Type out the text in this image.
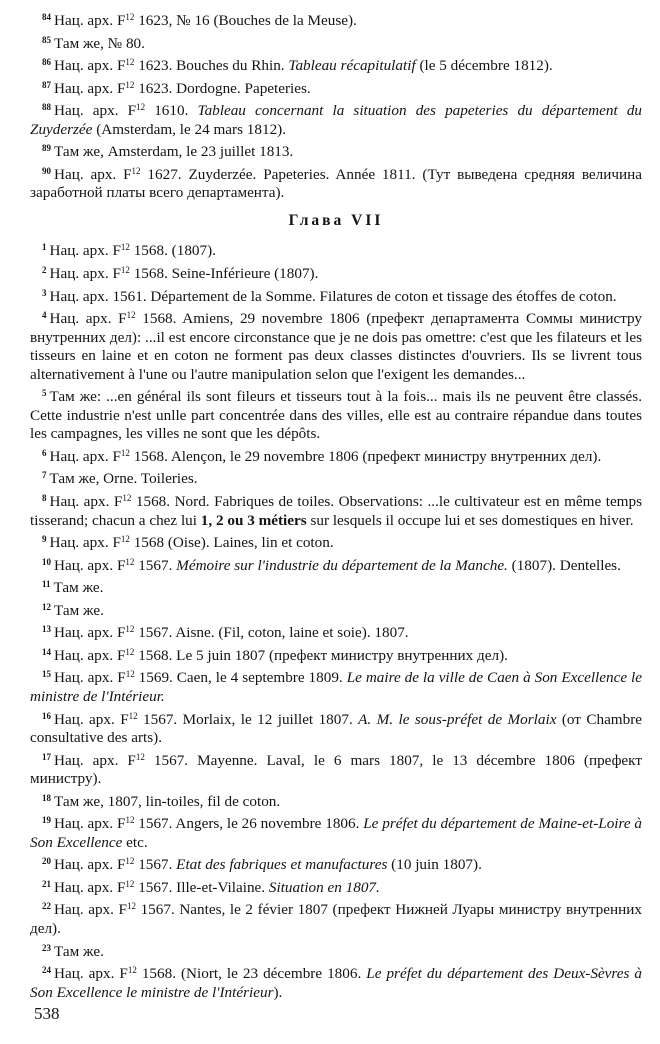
$^{84}$ Нац. арх. $F^{12}$ 1623, № 16 (Bouches de la Meuse).

$^{85}$ Там же, № 80.

$^{86}$ Нац. арх. $F^{12}$ 1623. Bouches du Rhin. Tableau récapitulatif (le 5 décembre 1812).

$^{87}$ Нац. арх. $F^{12}$ 1623. Dordogne. Papeteries.

$^{88}$ Нац. арх. $F^{12}$ 1610. Tableau concernant la situation des papeteries du département du Zuyderzée (Amsterdam, le 24 mars 1812).

$^{89}$ Там же, Amsterdam, le 23 juillet 1813.

$^{90}$ Нац. арх. $F^{12}$ 1627. Zuyderzée. Papeteries. Année 1811. (Тут выведена средняя величина заработной платы всего департамента).

Глава VII

$^1$ Нац. арх. $F^{12}$ 1568. (1807).

$^2$ Нац. арх. $F^{12}$ 1568. Seine-Inférieure (1807).

$^3$ Нац. арх. 1561. Département de la Somme. Filatures de coton et tissage des étoffes de coton.

$^4$ Нац. арх. $F^{12}$ 1568. Amiens, 29 novembre 1806 (префект департамента Соммы министру внутренних дел): ...il est encore circonstance que je ne dois pas omettre: c'est que les filateurs et les tisseurs en laine et en coton ne forment pas deux classes distinctes d'ouvriers. Ils se livrent tous alternativement à l'une ou l'autre manipulation selon que l'exigent les demandes...

$^5$ Там же: ...en général ils sont fileurs et tisseurs tout à la fois... mais ils ne peuvent être classés. Cette industrie n'est unlle part concentrée dans des villes, elle est au contraire répandue dans toutes les campagnes, les villes ne sont que les dépôts.

$^6$ Нац. арх. $F^{12}$ 1568. Alençon, le 29 novembre 1806 (префект министру внутренних дел).

$^7$ Там же, Orne. Toileries.

$^8$ Нац. арх. $F^{12}$ 1568. Nord. Fabriques de toiles. Observations: ...le cultivateur est en même temps tisserand; chacun a chez lui 1, 2 ou 3 métiers sur lesquels il occupe lui et ses domestiques en hiver.

$^9$ Нац. арх. $F^{12}$ 1568 (Oise). Laines, lin et coton.

$^{10}$ Нац. арх. $F^{12}$ 1567. Mémoire sur l'industrie du département de la Manche. (1807). Dentelles.

$^{11}$ Там же.

$^{12}$ Там же.

$^{13}$ Нац. арх. $F^{12}$ 1567. Aisne. (Fil, coton, laine et soie). 1807.

$^{14}$ Нац. арх. $F^{12}$ 1568. Le 5 juin 1807 (префект министру внутренних дел).

$^{15}$ Нац. арх. $F^{12}$ 1569. Caen, le 4 septembre 1809. Le maire de la ville de Caen à Son Excellence le ministre de l'Intérieur.

$^{16}$ Нац. арх. $F^{12}$ 1567. Morlaix, le 12 juillet 1807. A. M. le sous-préfet de Morlaix (от Chambre consultative des arts).

$^{17}$ Нац. арх. $F^{12}$ 1567. Mayenne. Laval, le 6 mars 1807, le 13 décembre 1806 (префект министру).

$^{18}$ Там же, 1807, lin-toiles, fil de coton.

$^{19}$ Нац. арх. $F^{12}$ 1567. Angers, le 26 novembre 1806. Le préfet du département de Maine-et-Loire à Son Excellence etc.

$^{20}$ Нац. арх. $F^{12}$ 1567. Etat des fabriques et manufactures (10 juin 1807).

$^{21}$ Нац. арх. $F^{12}$ 1567. Ille-et-Vilaine. Situation en 1807.

$^{22}$ Нац. арх. $F^{12}$ 1567. Nantes, le 2 févier 1807 (префект Нижней Луары министру внутренних дел).

$^{23}$ Там же.

$^{24}$ Нац. арх. $F^{12}$ 1568. (Niort, le 23 décembre 1806. Le préfet du département des Deux-Sèvres à Son Excellence le ministre de l'Intérieur).

538
